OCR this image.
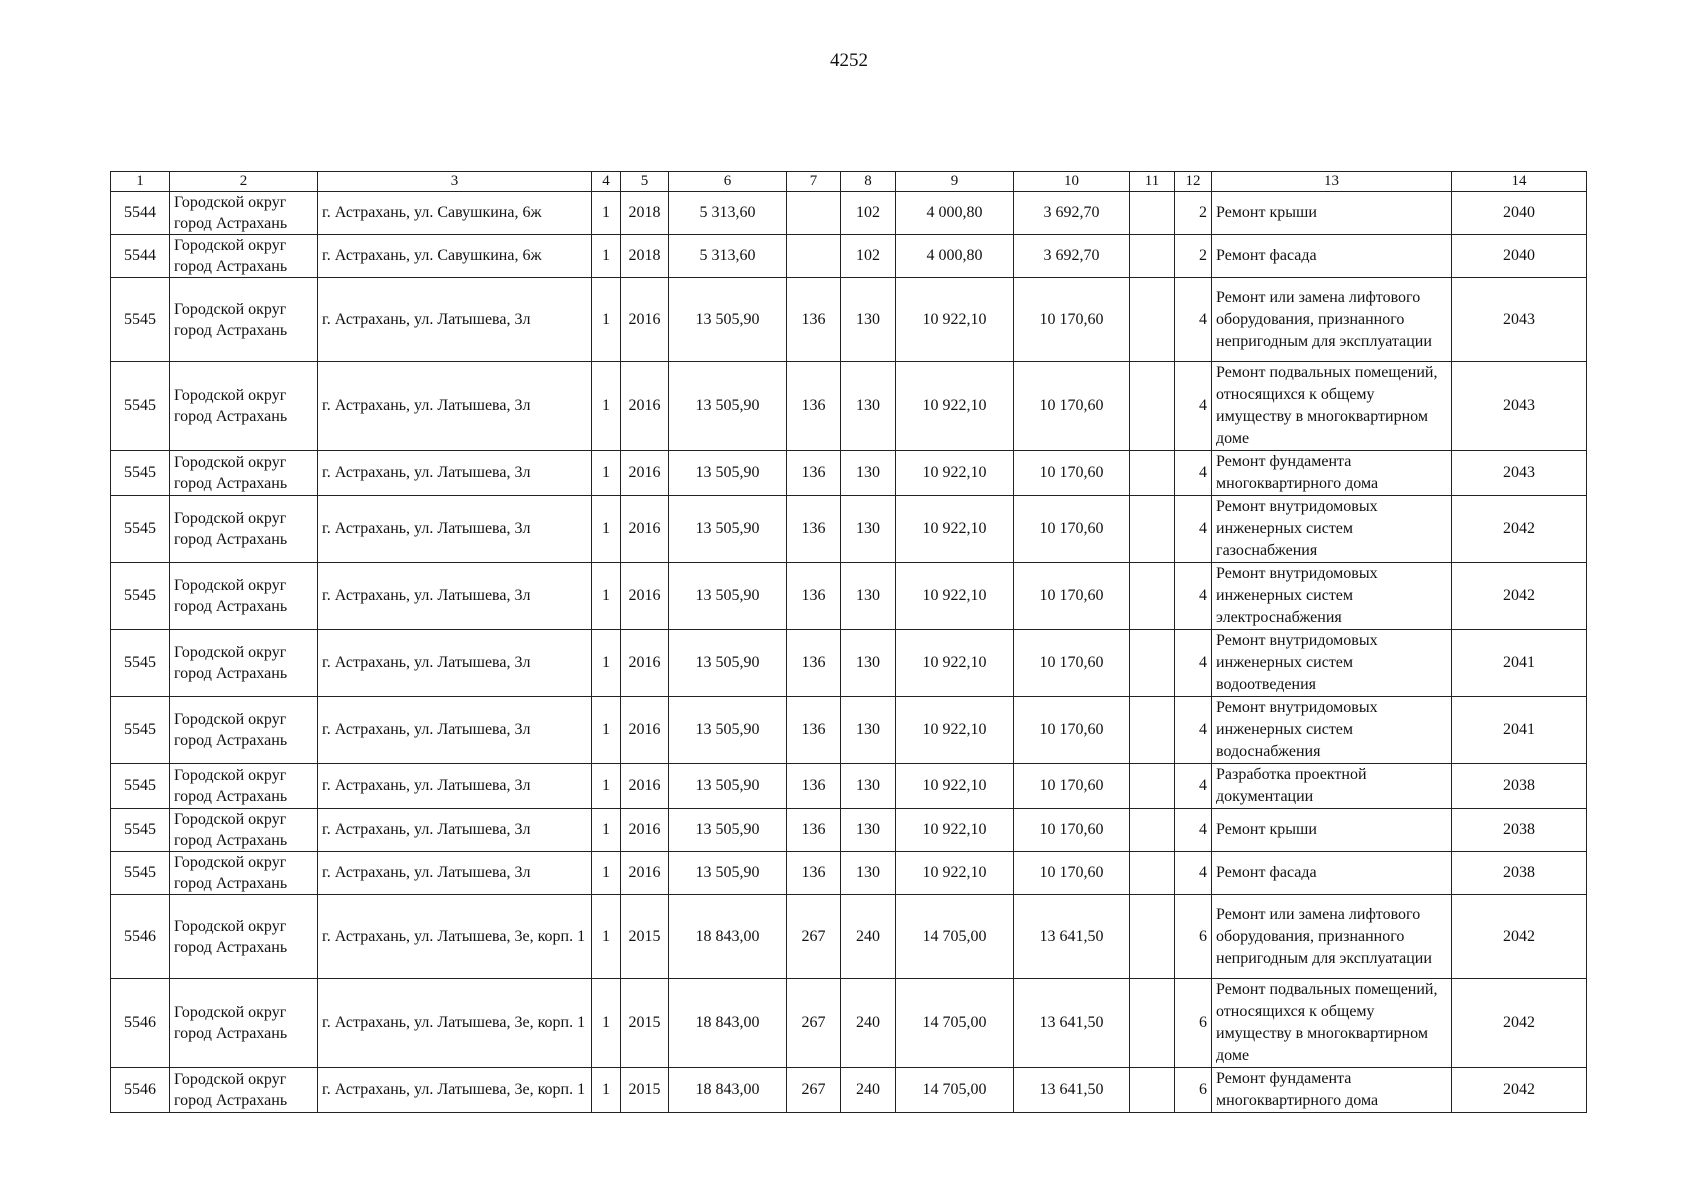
4252
1	2	3	4	5	6	7	8	9	10	11	12	13	14
5544	Городской округ город Астрахань	г. Астрахань, ул. Савушкина, 6ж	1	2018	5 313,60		102	4 000,80	3 692,70		2	Ремонт крыши	2040
5544	Городской округ город Астрахань	г. Астрахань, ул. Савушкина, 6ж	1	2018	5 313,60		102	4 000,80	3 692,70		2	Ремонт фасада	2040
5545	Городской округ город Астрахань	г. Астрахань, ул. Латышева, 3л	1	2016	13 505,90	136	130	10 922,10	10 170,60		4	Ремонт или замена лифтового оборудования, признанного непригодным для эксплуатации	2043
5545	Городской округ город Астрахань	г. Астрахань, ул. Латышева, 3л	1	2016	13 505,90	136	130	10 922,10	10 170,60		4	Ремонт подвальных помещений, относящихся к общему имуществу в многоквартирном доме	2043
5545	Городской округ город Астрахань	г. Астрахань, ул. Латышева, 3л	1	2016	13 505,90	136	130	10 922,10	10 170,60		4	Ремонт фундамента многоквартирного дома	2043
5545	Городской округ город Астрахань	г. Астрахань, ул. Латышева, 3л	1	2016	13 505,90	136	130	10 922,10	10 170,60		4	Ремонт внутридомовых инженерных систем газоснабжения	2042
5545	Городской округ город Астрахань	г. Астрахань, ул. Латышева, 3л	1	2016	13 505,90	136	130	10 922,10	10 170,60		4	Ремонт внутридомовых инженерных систем электроснабжения	2042
5545	Городской округ город Астрахань	г. Астрахань, ул. Латышева, 3л	1	2016	13 505,90	136	130	10 922,10	10 170,60		4	Ремонт внутридомовых инженерных систем водоотведения	2041
5545	Городской округ город Астрахань	г. Астрахань, ул. Латышева, 3л	1	2016	13 505,90	136	130	10 922,10	10 170,60		4	Ремонт внутридомовых инженерных систем водоснабжения	2041
5545	Городской округ город Астрахань	г. Астрахань, ул. Латышева, 3л	1	2016	13 505,90	136	130	10 922,10	10 170,60		4	Разработка проектной документации	2038
5545	Городской округ город Астрахань	г. Астрахань, ул. Латышева, 3л	1	2016	13 505,90	136	130	10 922,10	10 170,60		4	Ремонт крыши	2038
5545	Городской округ город Астрахань	г. Астрахань, ул. Латышева, 3л	1	2016	13 505,90	136	130	10 922,10	10 170,60		4	Ремонт фасада	2038
5546	Городской округ город Астрахань	г. Астрахань, ул. Латышева, 3е, корп. 1	1	2015	18 843,00	267	240	14 705,00	13 641,50		6	Ремонт или замена лифтового оборудования, признанного непригодным для эксплуатации	2042
5546	Городской округ город Астрахань	г. Астрахань, ул. Латышева, 3е, корп. 1	1	2015	18 843,00	267	240	14 705,00	13 641,50		6	Ремонт подвальных помещений, относящихся к общему имуществу в многоквартирном доме	2042
5546	Городской округ город Астрахань	г. Астрахань, ул. Латышева, 3е, корп. 1	1	2015	18 843,00	267	240	14 705,00	13 641,50		6	Ремонт фундамента многоквартирного дома	2042
